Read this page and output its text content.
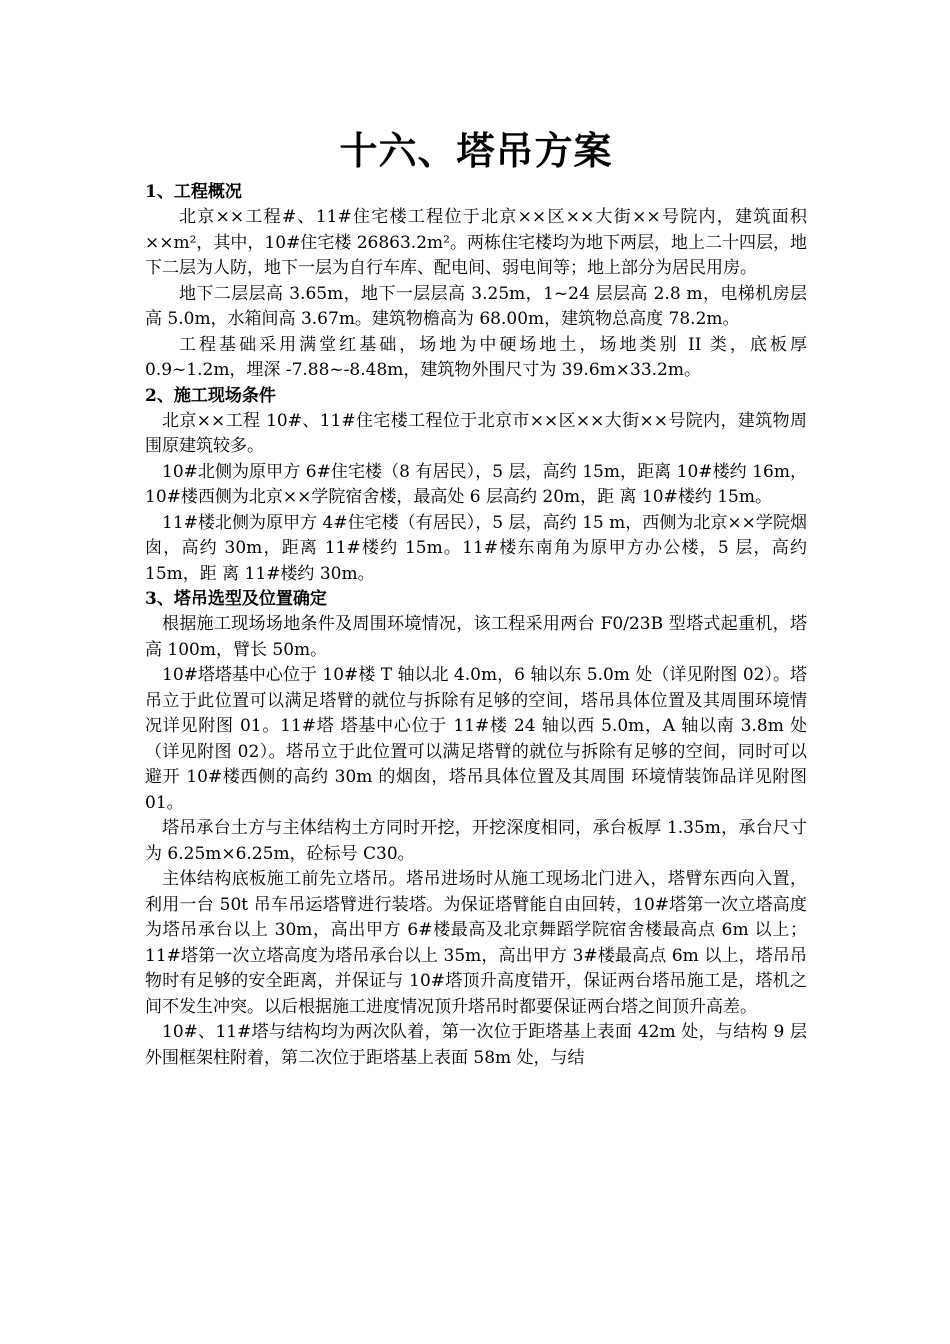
十六、塔吊方案

1、工程概况

北京××工程#、11#住宅楼工程位于北京××区××大街××号院内，建筑面积××m²，其中，10#住宅楼 26863.2m²。两栋住宅楼均为地下两层，地上二十四层，地下二层为人防，地下一层为自行车库、配电间、弱电间等；地上部分为居民用房。

地下二层层高 3.65m，地下一层层高 3.25m，1~24 层层高 2.8 m，电梯机房层高 5.0m，水箱间高 3.67m。建筑物檐高为 68.00m，建筑物总高度 78.2m。

工程基础采用满堂红基础，场地为中硬场地土，场地类别 II 类，底板厚 0.9~1.2m，埋深 -7.88~-8.48m，建筑物外围尺寸为 39.6m×33.2m。

2、施工现场条件

北京××工程 10#、11#住宅楼工程位于北京市××区××大街××号院内，建筑物周围原建筑较多。

10#北侧为原甲方 6#住宅楼（8 有居民），5 层，高约 15m，距离 10#楼约 16m，10#楼西侧为北京××学院宿舍楼，最高处 6 层高约 20m，距 离 10#楼约 15m。

11#楼北侧为原甲方 4#住宅楼（有居民），5 层，高约 15 m，西侧为北京××学院烟囱，高约 30m，距离 11#楼约 15m。11#楼东南角为原甲方办公楼，5 层，高约 15m，距 离 11#楼约 30m。

3、塔吊选型及位置确定

根据施工现场场地条件及周围环境情况，该工程采用两台 F0/23B 型塔式起重机，塔高 100m，臂长 50m。

10#塔塔基中心位于 10#楼 T 轴以北 4.0m，6 轴以东 5.0m 处（详见附图 02）。塔吊立于此位置可以满足塔臂的就位与拆除有足够的空间，塔吊具体位置及其周围环境情况详见附图 01。11#塔 塔基中心位于 11#楼 24 轴以西 5.0m，A 轴以南 3.8m 处（详见附图 02）。塔吊立于此位置可以满足塔臂的就位与拆除有足够的空间，同时可以避开 10#楼西侧的高约 30m 的烟囱，塔吊具体位置及其周围 环境情装饰品详见附图 01。

塔吊承台土方与主体结构土方同时开挖，开挖深度相同，承台板厚 1.35m，承台尺寸为 6.25m×6.25m，砼标号 C30。

主体结构底板施工前先立塔吊。塔吊进场时从施工现场北门进入，塔臂东西向入置，利用一台 50t 吊车吊运塔臂进行装塔。为保证塔臂能自由回转，10#塔第一次立塔高度为塔吊承台以上 30m，高出甲方 6#楼最高及北京舞蹈学院宿舍楼最高点 6m 以上；11#塔第一次立塔高度为塔吊承台以上 35m，高出甲方 3#楼最高点 6m 以上，塔吊吊物时有足够的安全距离，并保证与 10#塔顶升高度错开，保证两台塔吊施工是，塔机之间不发生冲突。以后根据施工进度情况顶升塔吊时都要保证两台塔之间顶升高差。

10#、11#塔与结构均为两次队着，第一次位于距塔基上表面 42m 处，与结构 9 层外围框架柱附着，第二次位于距塔基上表面 58m 处，与结
